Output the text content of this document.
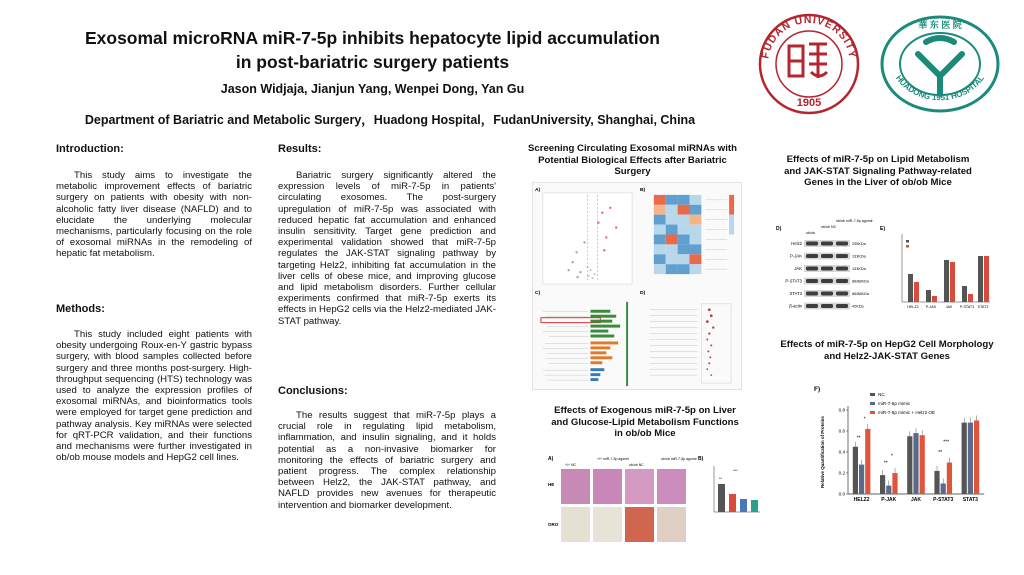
Exosomal microRNA miR-7-5p inhibits hepatocyte lipid accumulation
in post-bariatric surgery patients
Jason Widjaja, Jianjun Yang, Wenpei Dong, Yan Gu
Department of Bariatric and Metabolic Surgery，Huadong Hospital，FudanUniversity, Shanghai, China
FUDAN UNIVERSITY
1905
華 东 医 院
HUADONG 1951 HOSPITAL
Introduction:
This study aims to investigate the metabolic improvement effects of bariatric surgery on patients with obesity with non-alcoholic fatty liver disease (NAFLD) and to elucidate the underlying molecular mechanisms, particularly focusing on the role of exosomal miRNAs in the remodeling of hepatic fat metabolism.
Methods:
This study included eight patients with obesity undergoing Roux-en-Y gastric bypass surgery, with blood samples collected before surgery and three months post-surgery. High-throughput sequencing (HTS) technology was used to analyze the expression profiles of exosomal miRNAs, and bioinformatics tools were employed for target gene prediction and pathway analysis. Key miRNAs were selected for qRT-PCR validation, and their functions and mechanisms were further investigated in ob/ob mouse models and HepG2 cell lines.
Results:
Bariatric surgery significantly altered the expression levels of miR-7-5p in patients' circulating exosomes. The post-surgery upregulation of miR-7-5p was associated with reduced hepatic fat accumulation and enhanced insulin sensitivity. Target gene prediction and experimental validation showed that miR-7-5p regulates the JAK-STAT signaling pathway by targeting Helz2, inhibiting fat accumulation in the liver cells of obese mice, and improving glucose and lipid metabolism disorders. Further cellular experiments confirmed that miR-7-5p exerts its effects in HepG2 cells via the Helz2-mediated JAK-STAT pathway.
Conclusions:
The results suggest that miR-7-5p plays a crucial role in regulating lipid metabolism, inflammation, and insulin signaling, and it holds potential as a non-invasive biomarker for monitoring the effects of bariatric surgery and patient progress. The complex relationship between Helz2, the JAK-STAT pathway, and NAFLD provides new avenues for therapeutic intervention and biomarker development.
Screening Circulating Exosomal miRNAs with Potential Biological Effects after Bariatric Surgery
A)	B)
C)	D)
Effects of Exogenous miR-7-5p on Liver and Glucose-Lipid Metabolism Functions in ob/ob Mice
A)
+/+ NC
+/+ miR-7-5p agomir
ob/ob NC
ob/ob miR-7-5p agomir
HE
ORO
B)
***
**
Effects of miR-7-5p on Lipid Metabolism and JAK-STAT Signaling Pathway-related Genes in the Liver of ob/ob Mice
D)
ob/ob
ob/ob NC
ob/ob miR-7-5p agomir
Helz2	205KDa
P-JAK	133KDa
JAK	133KDa
P-STAT3	86/88KDa
STAT3	86/88KDa
β-actin	42KDa
E)
HELZ2 P-JAK	JAK P-STAT3 STAT3
Effects of miR-7-5p on HepG2 Cell Morphology and Helz2-JAK-STAT Genes
F)
NC
miR-7-5p mimic
miR-7-5p mimic + Helz2 OE
0.0
0.2
0.4
0.6
0.8
Relative Quantification of Proteins
HELZ2 P-JAK	JAK P-STAT3 STAT3
**
*
**
*
**
***
